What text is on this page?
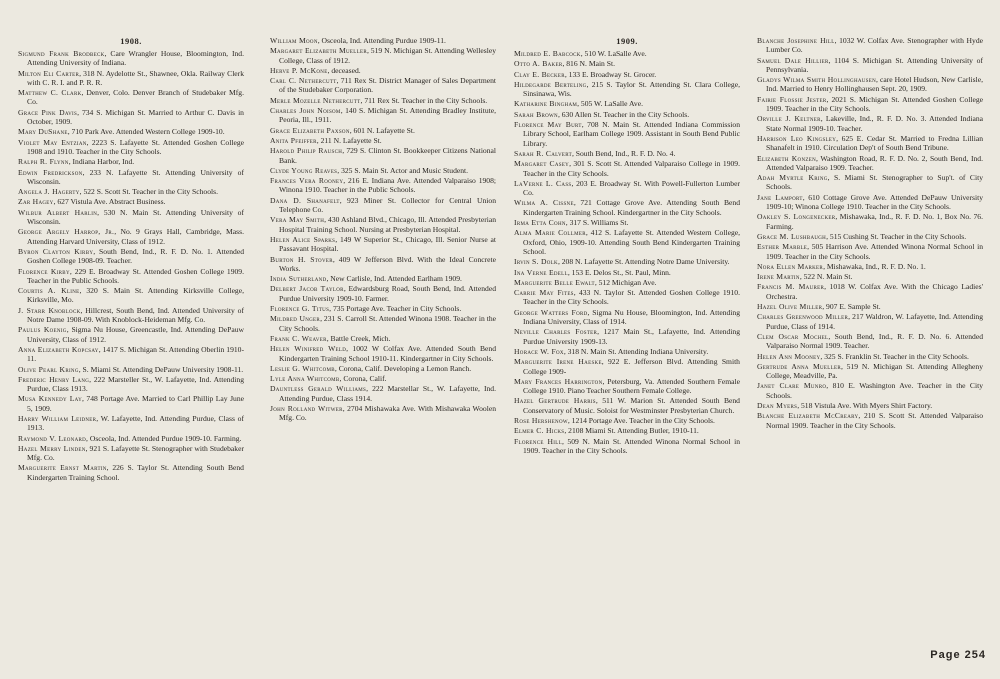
1908.

Sigmund Frank Brodbeck, Care Wrangler House, Bloomington, Ind. Attending University of Indiana.

Milton Eli Carter, 318 N. Aydelotte St., Shawnee, Okla. Railway Clerk with C. R. I. and P. R. R.

Matthew C. Clark, Denver, Colo. Denver Branch of Studebaker Mfg. Co.

Grace Pink Davis, 734 S. Michigan St. Married to Arthur C. Davis in October, 1909.

Mary DuShane, 710 Park Ave. Attended Western College 1909-10.

Violet May Entzian, 2223 S. Lafayette St. Attended Goshen College 1908 and 1910. Teacher in the City Schools.

Ralph R. Flynn, Indiana Harbor, Ind.

Edwin Fredrickson, 233 N. Lafayette St. Attending University of Wisconsin.

Angela J. Hagerty, 522 S. Scott St. Teacher in the City Schools.

Zar Hagey, 627 Vistula Ave. Abstract Business.

Wilbur Albert Harlin, 530 N. Main St. Attending University of Wisconsin.

George Argely Harrop, Jr., No. 9 Grays Hall, Cambridge, Mass. Attending Harvard University, Class of 1912.

Byron Clayton Kirby, South Bend, Ind., R. F. D. No. 1. Attended Goshen College 1908-09. Teacher.

Florence Kirby, 229 E. Broadway St. Attended Goshen College 1909. Teacher in the Public Schools.

Courtis A. Kline, 320 S. Main St. Attending Kirksville College, Kirksville, Mo.

J. Starr Knoblock, Hillcrest, South Bend, Ind. Attended University of Notre Dame 1908-09. With Knoblock-Heideman Mfg. Co.

Paulus Koenig, Sigma Nu House, Greencastle, Ind. Attending DePauw University, Class of 1912.

Anna Elizabeth Kopcsay, 1417 S. Michigan St. Attending Oberlin 1910-11.

Olive Pearl Kring, S. Miami St. Attending DePauw University 1908-11.

Frederic Henry Lang, 222 Marsteller St., W. Lafayette, Ind. Attending Purdue, Class 1913.

Musa Kennedy Lay, 748 Portage Ave. Married to Carl Phillip Lay June 5, 1909.

Harry William Leidner, W. Lafayette, Ind. Attending Purdue, Class of 1913.

Raymond V. Leonard, Osceola, Ind. Attended Purdue 1909-10. Farming.

Hazel Merry Linden, 921 S. Lafayette St. Stenographer with Studebaker Mfg. Co.

Marguerite Ernst Martin, 226 S. Taylor St. Attending South Bend Kindergarten Training School.

William Moon, Osceola, Ind. Attending Purdue 1909-11.

Margaret Elizabeth Mueller, 519 N. Michigan St. Attending Wellesley College, Class of 1912.

Herve P. McKone, deceased.

Carl C. Nethercutt, 711 Rex St. District Manager of Sales Department of the Studebaker Corporation.

Merle Mozelle Nethercutt, 711 Rex St. Teacher in the City Schools.

Charles John Noisom, 140 S. Michigan St. Attending Bradley Institute, Peoria, Ill., 1911.

Grace Elizabeth Paxson, 601 N. Lafayette St.

Anita Pfeiffer, 211 N. Lafayette St.

Harold Philip Rausch, 729 S. Clinton St. Bookkeeper Citizens National Bank.

Clyde Young Reaves, 325 S. Main St. Actor and Music Student.

Frances Vera Rooney, 216 E. Indiana Ave. Attended Valparaiso 1908; Winona 1910. Teacher in the Public Schools.

Dana D. Shanafelt, 923 Miner St. Collector for Central Union Telephone Co.

Vera May Smith, 430 Ashland Blvd., Chicago, Ill. Attended Presbyterian Hospital Training School. Nursing at Presbyterian Hospital.

Helen Alice Sparks, 149 W Superior St., Chicago, Ill. Senior Nurse at Passavant Hospital.

Burton H. Stover, 409 W Jefferson Blvd. With the Ideal Concrete Works.

India Sutherland, New Carlisle, Ind. Attended Earlham 1909.

Delbert Jacob Taylor, Edwardsburg Road, South Bend, Ind. Attended Purdue University 1909-10. Farmer.

Florence G. Titus, 735 Portage Ave. Teacher in City Schools.

Mildred Unger, 231 S. Carroll St. Attended Winona 1908. Teacher in the City Schools.

Frank C. Weaver, Battle Creek, Mich.

Helen Winifred Weld, 1002 W Colfax Ave. Attended South Bend Kindergarten Training School 1910-11. Kindergartner in City Schools.

Leslie G. Whitcomb, Corona, Calif. Developing a Lemon Ranch.

Lyle Anna Whitcomb, Corona, Calif.

Dauntless Gerald Williams, 222 Marstellar St., W. Lafayette, Ind. Attending Purdue, Class 1914.

John Rolland Witwer, 2704 Mishawaka Ave. With Mishawaka Woolen Mfg. Co.

1909.

Mildred E. Babcock, 510 W. LaSalle Ave.

Otto A. Baker, 816 N. Main St.

Clay E. Becker, 133 E. Broadway St. Grocer.

Hildegarde Berteling, 215 S. Taylor St. Attending St. Clara College, Sinsinawa, Wis.

Katharine Bingham, 505 W. LaSalle Ave.

Sarah Brown, 630 Allen St. Teacher in the City Schools.

Florence May Burt, 708 N. Main St. Attended Indiana Commission Library School, Earlham College 1909. Assistant in South Bend Public Library.

Sarah R. Calvert, South Bend, Ind., R. F. D. No. 4.

Margaret Casey, 301 S. Scott St. Attended Valparaiso College in 1909. Teacher in the City Schools.

LaVerne L. Cass, 203 E. Broadway St. With Powell-Fullerton Lumber Co.

Wilma A. Cissne, 721 Cottage Grove Ave. Attending South Bend Kindergarten Training School. Kindergartner in the City Schools.

Irma Etta Cohn, 317 S. Williams St.

Alma Marie Collmer, 412 S. Lafayette St. Attended Western College, Oxford, Ohio, 1909-10. Attending South Bend Kindergarten Training School.

Irvin S. Dolk, 208 N. Lafayette St. Attending Notre Dame University.

Ina Verne Edell, 153 E. Delos St., St. Paul, Minn.

Marguerite Belle Ewalt, 512 Michigan Ave.

Carrie May Fites, 433 N. Taylor St. Attended Goshen College 1910. Teacher in the City Schools.

George Watters Ford, Sigma Nu House, Bloomington, Ind. Attending Indiana University, Class of 1914.

Neville Charles Foster, 1217 Main St., Lafayette, Ind. Attending Purdue University 1909-13.

Horace W. Fox, 318 N. Main St. Attending Indiana University.

Marguerite Irene Haeske, 922 E. Jefferson Blvd. Attending Smith College 1909-

Mary Frances Harrington, Petersburg, Va. Attended Southern Female College 1910. Piano Teacher Southern Female College.

Hazel Gertrude Harris, 511 W. Marion St. Attended South Bend Conservatory of Music. Soloist for Westminster Presbyterian Church.

Rose Hershenow, 1214 Portage Ave. Teacher in the City Schools.

Elmer C. Hicks, 2108 Miami St. Attending Butler, 1910-11.

Florence Hill, 509 N. Main St. Attended Winona Normal School in 1909. Teacher in the City Schools.

Blanche Josephine Hill, 1032 W. Colfax Ave. Stenographer with Hyde Lumber Co.

Samuel Dale Hillier, 1104 S. Michigan St. Attending University of Pennsylvania.

Gladys Wilma Smith Hollinghausen, care Hotel Hudson, New Carlisle, Ind. Married to Henry Hollinghausen Sept. 20, 1909.

Fairie Flossie Jester, 2021 S. Michigan St. Attended Goshen College 1909. Teacher in the City Schools.

Orville J. Keltner, Lakeville, Ind., R. F. D. No. 3. Attended Indiana State Normal 1909-10. Teacher.

Harrison Leo Kingsley, 625 E. Cedar St. Married to Fredna Lillian Shanafelt in 1910. Circulation Dep't of South Bend Tribune.

Elizabeth Konzen, Washington Road, R. F. D. No. 2, South Bend, Ind. Attended Valparaiso 1909. Teacher.

Adah Myrtle Kring, S. Miami St. Stenographer to Sup't. of City Schools.

Jane Lamport, 610 Cottage Grove Ave. Attended DePauw University 1909-10; Winona College 1910. Teacher in the City Schools.

Oakley S. Longenecker, Mishawaka, Ind., R. F. D. No. 1, Box No. 76. Farming.

Grace M. Lushbaugh, 515 Cushing St. Teacher in the City Schools.

Esther Marble, 505 Harrison Ave. Attended Winona Normal School in 1909. Teacher in the City Schools.

Nora Ellen Marker, Mishawaka, Ind., R. F. D. No. 1.

Irene Martin, 522 N. Main St.

Francis M. Maurer, 1018 W. Colfax Ave. With the Chicago Ladies' Orchestra.

Hazel Olive Miller, 907 E. Sample St.

Charles Greenwood Miller, 217 Waldron, W. Lafayette, Ind. Attending Purdue, Class of 1914.

Clem Oscar Mochel, South Bend, Ind., R. F. D. No. 6. Attended Valparaiso Normal 1909. Teacher.

Helen Ann Mooney, 325 S. Franklin St. Teacher in the City Schools.

Gertrude Anna Mueller, 519 N. Michigan St. Attending Allegheny College, Meadville, Pa.

Janet Clare Munro, 810 E. Washington Ave. Teacher in the City Schools.

Dean Myers, 518 Vistula Ave. With Myers Shirt Factory.

Blanche Elizabeth McCreary, 210 S. Scott St. Attended Valparaiso Normal 1909. Teacher in the City Schools.

Page 254
